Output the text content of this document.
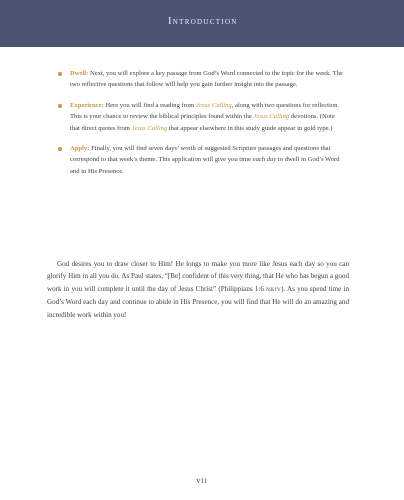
Introduction
Dwell: Next, you will explore a key passage from God’s Word connected to the topic for the week. The two reflective questions that follow will help you gain further insight into the passage.
Experience: Here you will find a reading from Jesus Calling, along with two questions for reflection. This is your chance to review the biblical principles found within the Jesus Calling devotions. (Note that direct quotes from Jesus Calling that appear elsewhere in this study guide appear in gold type.)
Apply: Finally, you will find seven days’ worth of suggested Scripture passages and questions that correspond to that week’s theme. This application will give you time each day to dwell in God’s Word and in His Presence.

God desires you to draw closer to Him! He longs to make you more like Jesus each day so you can glorify Him in all you do. As Paul states, “[Be] confident of this very thing, that He who has begun a good work in you will complete it until the day of Jesus Christ” (Philippians 1:6 NKJV). As you spend time in God’s Word each day and continue to abide in His Presence, you will find that He will do an amazing and incredible work within you!

vii
